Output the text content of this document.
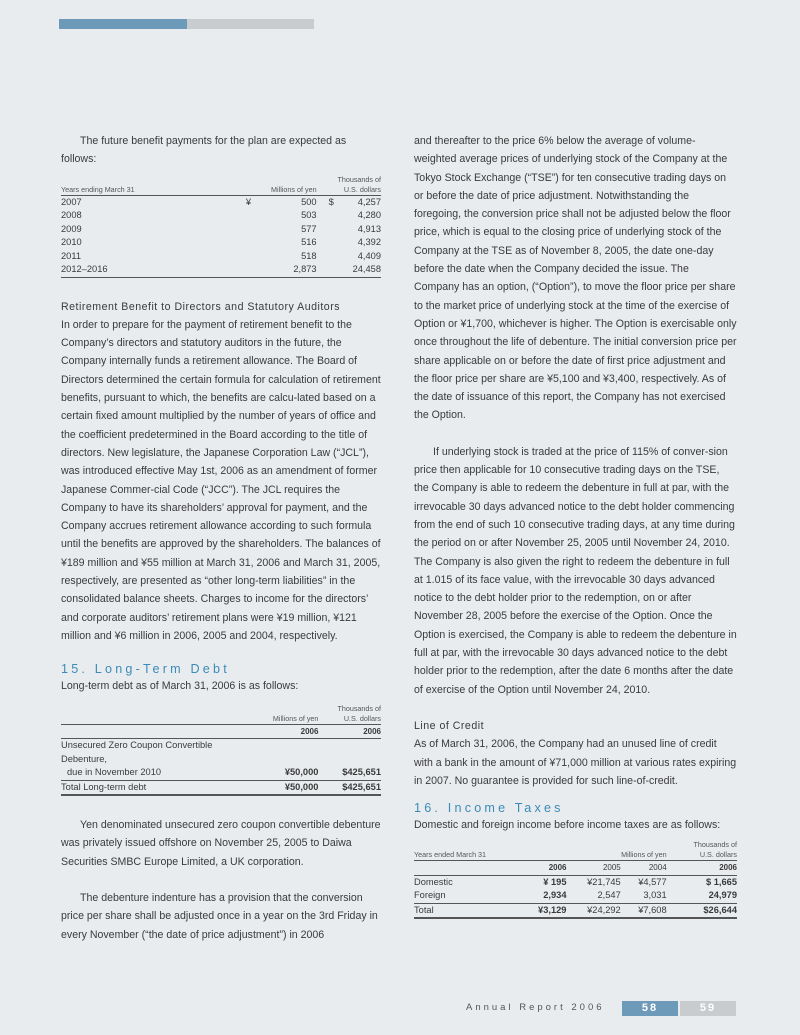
The future benefit payments for the plan are expected as follows:

		Thousands of
Years ending March 31	Millions of yen	U.S. dollars
2007	¥ 500	$ 4,257
2008	503	4,280
2009	577	4,913
2010	516	4,392
2011	518	4,409
2012–2016	2,873	24,458

Retirement Benefit to Directors and Statutory Auditors

In order to prepare for the payment of retirement benefit to the Company’s directors and statutory auditors in the future, the Company internally funds a retirement allowance. The Board of Directors determined the certain formula for calculation of retirement benefits, pursuant to which, the benefits are calcu-lated based on a certain fixed amount multiplied by the number of years of office and the coefficient predetermined in the Board according to the title of directors. New legislature, the Japanese Corporation Law (“JCL”), was introduced effective May 1st, 2006 as an amendment of former Japanese Commer-cial Code (“JCC”). The JCL requires the Company to have its shareholders’ approval for payment, and the Company accrues retirement allowance according to such formula until the benefits are approved by the shareholders. The balances of ¥189 million and ¥55 million at March 31, 2006 and March 31, 2005, respectively, are presented as “other long-term liabilities” in the consolidated balance sheets. Charges to income for the directors’ and corporate auditors’ retirement plans were ¥19 million, ¥121 million and ¥6 million in 2006, 2005 and 2004, respectively.

15. Long-Term Debt

Long-term debt as of March 31, 2006 is as follows:

		Thousands of
	Millions of yen	U.S. dollars
	2006	2006
Unsecured Zero Coupon Convertible Debenture,		
due in November 2010	¥50,000	$425,651
Total Long-term debt	¥50,000	$425,651

Yen denominated unsecured zero coupon convertible debenture was privately issued offshore on November 25, 2005 to Daiwa Securities SMBC Europe Limited, a UK corporation.

The debenture indenture has a provision that the conversion price per share shall be adjusted once in a year on the 3rd Friday in every November (“the date of price adjustment”) in 2006

and thereafter to the price 6% below the average of volume-weighted average prices of underlying stock of the Company at the Tokyo Stock Exchange (“TSE”) for ten consecutive trading days on or before the date of price adjustment. Notwithstanding the foregoing, the conversion price shall not be adjusted below the floor price, which is equal to the closing price of underlying stock of the Company at the TSE as of November 8, 2005, the date one-day before the date when the Company decided the issue. The Company has an option, (“Option”), to move the floor price per share to the market price of underlying stock at the time of the exercise of Option or ¥1,700, whichever is higher. The Option is exercisable only once throughout the life of debenture. The initial conversion price per share applicable on or before the date of first price adjustment and the floor price per share are ¥5,100 and ¥3,400, respectively. As of the date of issuance of this report, the Company has not exercised the Option.

If underlying stock is traded at the price of 115% of conver-sion price then applicable for 10 consecutive trading days on the TSE, the Company is able to redeem the debenture in full at par, with the irrevocable 30 days advanced notice to the debt holder commencing from the end of such 10 consecutive trading days, at any time during the period on or after November 25, 2005 until November 24, 2010. The Company is also given the right to redeem the debenture in full at 1.015 of its face value, with the irrevocable 30 days advanced notice to the debt holder prior to the redemption, on or after November 28, 2005 before the exercise of the Option. Once the Option is exercised, the Company is able to redeem the debenture in full at par, with the irrevocable 30 days advanced notice to the debt holder prior to the redemption, after the date 6 months after the date of exercise of the Option until November 24, 2010.

Line of Credit

As of March 31, 2006, the Company had an unused line of credit with a bank in the amount of ¥71,000 million at various rates expiring in 2007. No guarantee is provided for such line-of-credit.

16. Income Taxes

Domestic and foreign income before income taxes are as follows:

				Thousands of
Years ended March 31		Millions of yen		U.S. dollars
	2006	2005	2004	2006
Domestic	¥ 195	¥21,745	¥4,577	$ 1,665
Foreign	2,934	2,547	3,031	24,979
Total	¥3,129	¥24,292	¥7,608	$26,644
Annual Report 2006	58	59
